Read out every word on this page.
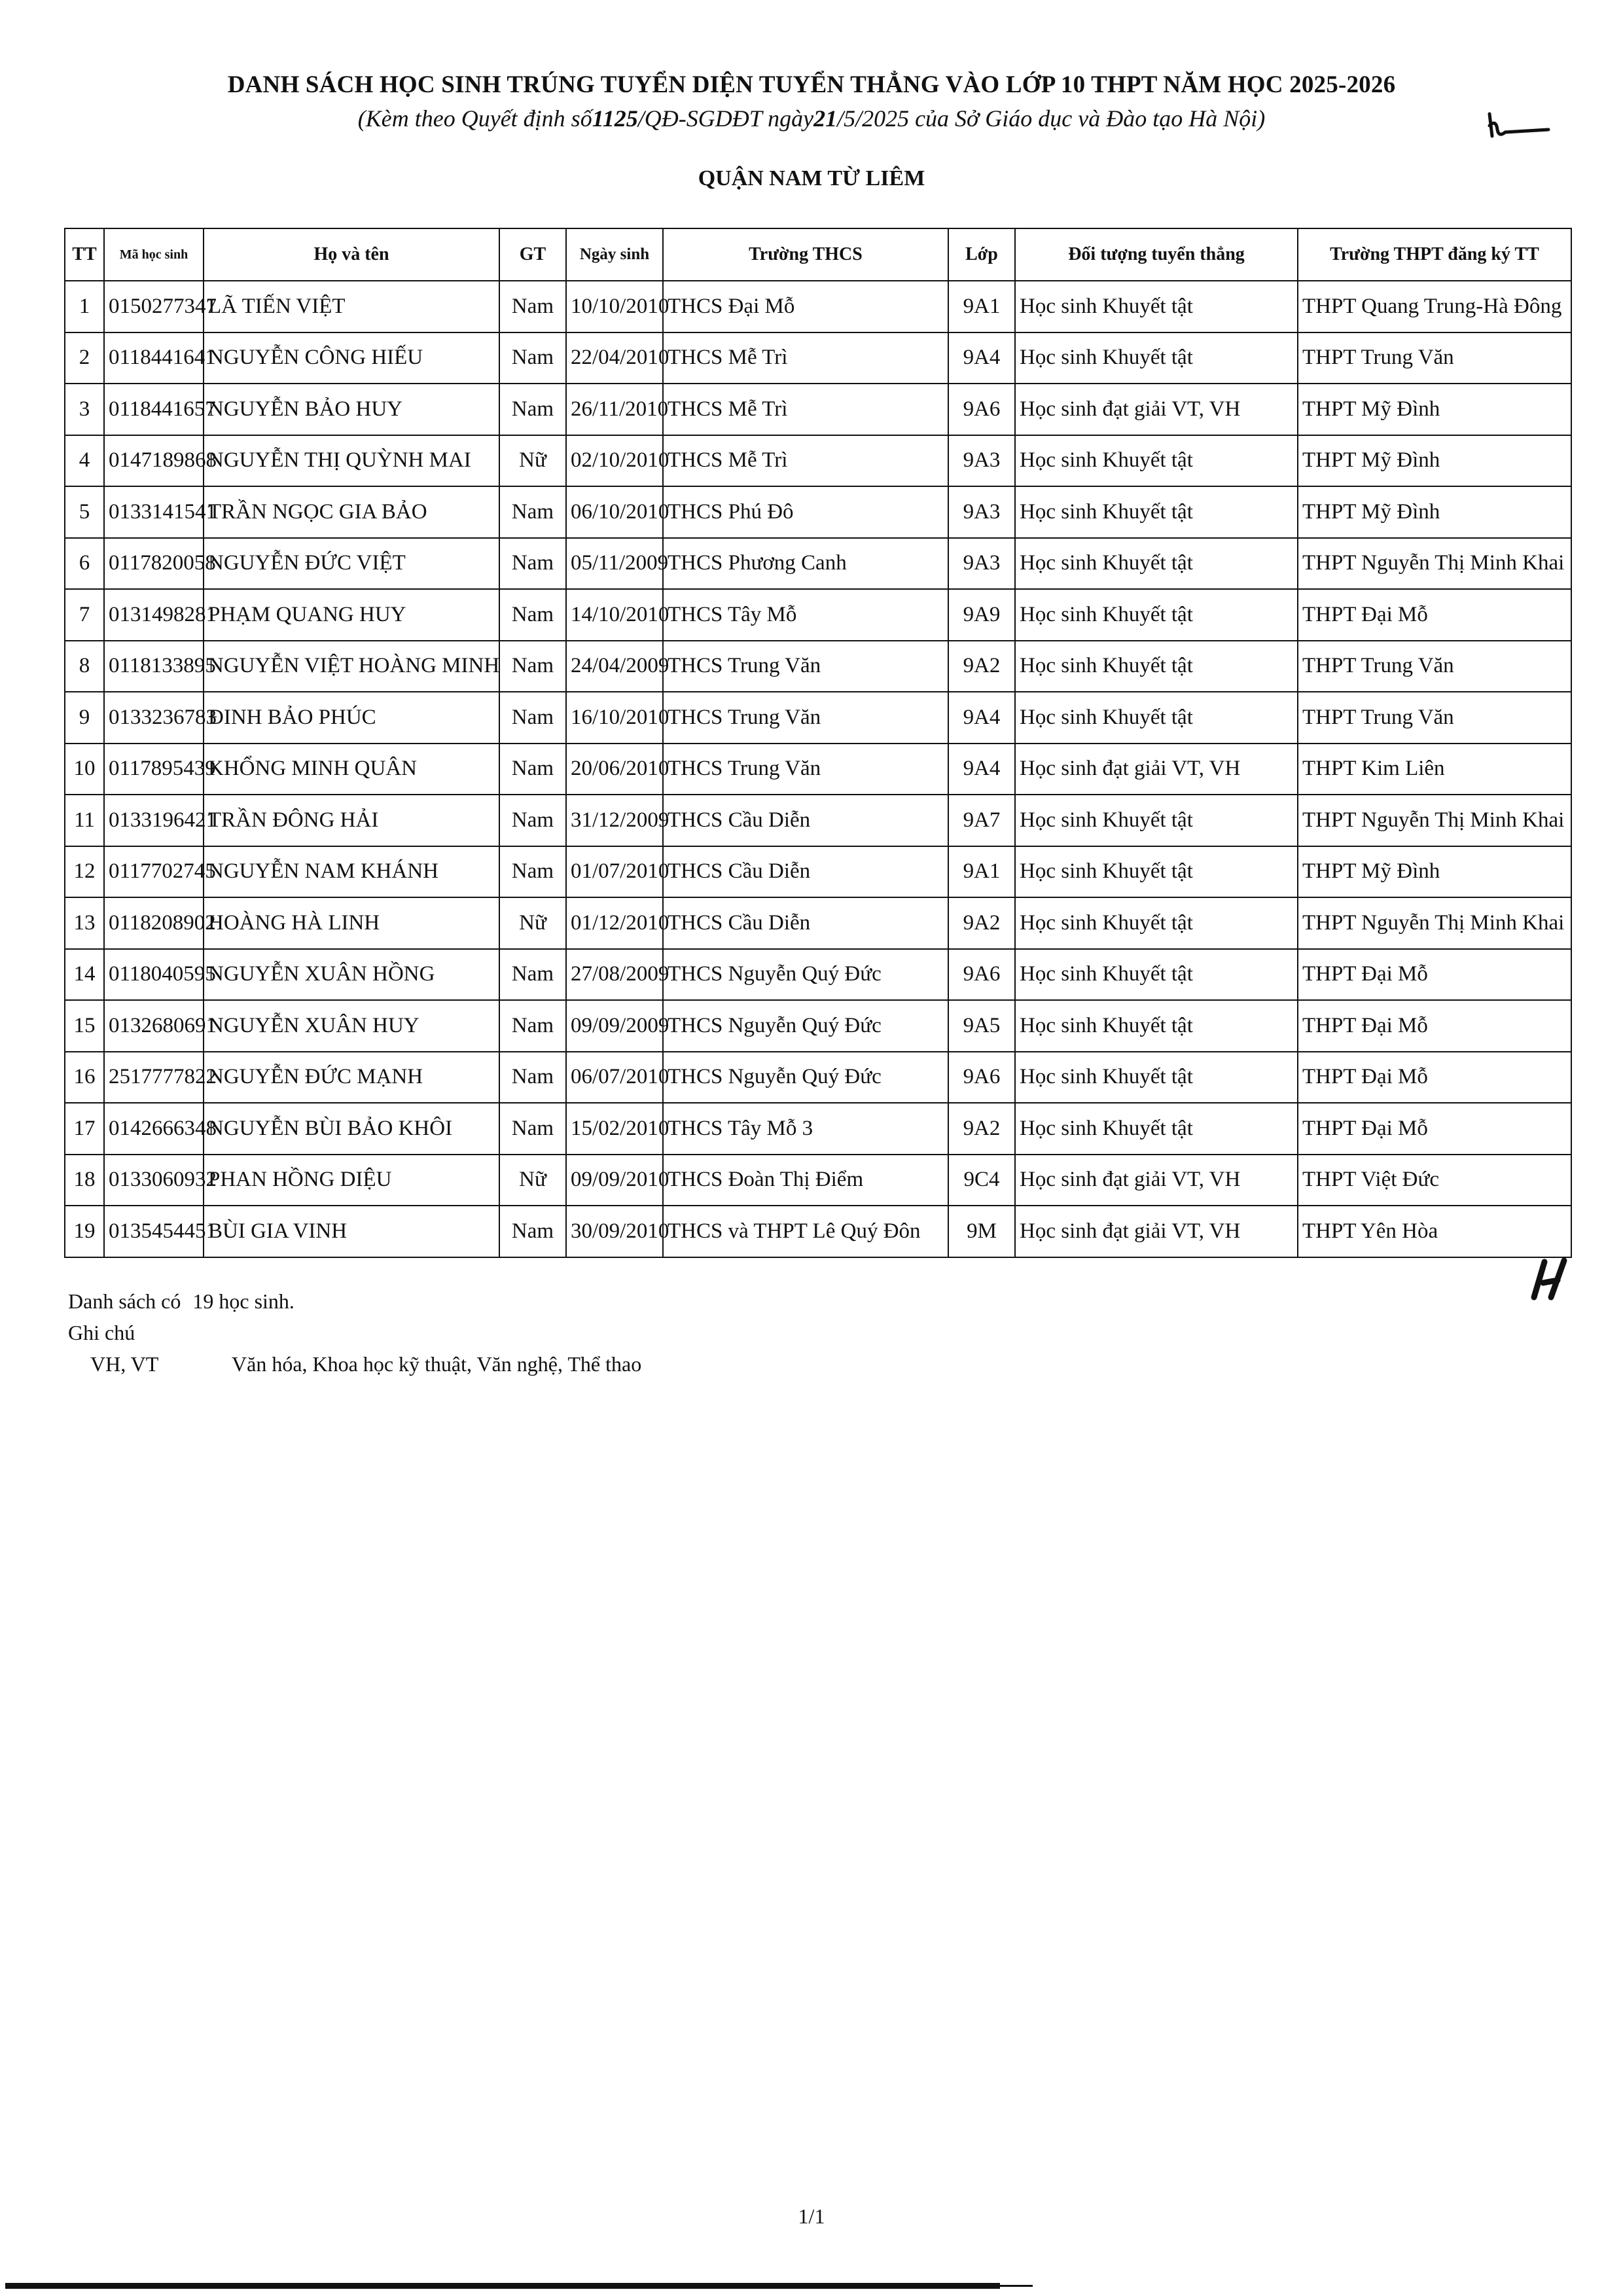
DANH SÁCH HỌC SINH TRÚNG TUYỂN DIỆN TUYỂN THẲNG VÀO LỚP 10 THPT NĂM HỌC 2025-2026
(Kèm theo Quyết định số1125/QĐ-SGDĐT ngày21/5/2025 của Sở Giáo dục và Đào tạo Hà Nội)
QUẬN NAM TỪ LIÊM
TT	Mã học sinh	Họ và tên	GT	Ngày sinh	Trường THCS	Lớp	Đối tượng tuyển thẳng	Trường THPT đăng ký TT
1	0150277347	LÃ TIẾN VIỆT	Nam	10/10/2010	THCS Đại Mỗ	9A1	Học sinh Khuyết tật	THPT Quang Trung-Hà Đông
2	0118441641	NGUYỄN CÔNG HIẾU	Nam	22/04/2010	THCS Mễ Trì	9A4	Học sinh Khuyết tật	THPT Trung Văn
3	0118441657	NGUYỄN BẢO HUY	Nam	26/11/2010	THCS Mễ Trì	9A6	Học sinh đạt giải VT, VH	THPT Mỹ Đình
4	0147189868	NGUYỄN THỊ QUỲNH MAI	Nữ	02/10/2010	THCS Mễ Trì	9A3	Học sinh Khuyết tật	THPT Mỹ Đình
5	0133141541	TRẦN NGỌC GIA BẢO	Nam	06/10/2010	THCS Phú Đô	9A3	Học sinh Khuyết tật	THPT Mỹ Đình
6	0117820058	NGUYỄN ĐỨC VIỆT	Nam	05/11/2009	THCS Phương Canh	9A3	Học sinh Khuyết tật	THPT Nguyễn Thị Minh Khai
7	0131498281	PHẠM QUANG HUY	Nam	14/10/2010	THCS Tây Mỗ	9A9	Học sinh Khuyết tật	THPT Đại Mỗ
8	0118133895	NGUYỄN VIỆT HOÀNG MINH	Nam	24/04/2009	THCS Trung Văn	9A2	Học sinh Khuyết tật	THPT Trung Văn
9	0133236783	ĐINH BẢO PHÚC	Nam	16/10/2010	THCS Trung Văn	9A4	Học sinh Khuyết tật	THPT Trung Văn
10	0117895439	KHỔNG MINH QUÂN	Nam	20/06/2010	THCS Trung Văn	9A4	Học sinh đạt giải VT, VH	THPT Kim Liên
11	0133196421	TRẦN ĐÔNG HẢI	Nam	31/12/2009	THCS Cầu Diễn	9A7	Học sinh Khuyết tật	THPT Nguyễn Thị Minh Khai
12	0117702745	NGUYỄN NAM KHÁNH	Nam	01/07/2010	THCS Cầu Diễn	9A1	Học sinh Khuyết tật	THPT Mỹ Đình
13	0118208902	HOÀNG HÀ LINH	Nữ	01/12/2010	THCS Cầu Diễn	9A2	Học sinh Khuyết tật	THPT Nguyễn Thị Minh Khai
14	0118040595	NGUYỄN XUÂN HỒNG	Nam	27/08/2009	THCS Nguyễn Quý Đức	9A6	Học sinh Khuyết tật	THPT Đại Mỗ
15	0132680691	NGUYỄN XUÂN HUY	Nam	09/09/2009	THCS Nguyễn Quý Đức	9A5	Học sinh Khuyết tật	THPT Đại Mỗ
16	2517777822	NGUYỄN ĐỨC MẠNH	Nam	06/07/2010	THCS Nguyễn Quý Đức	9A6	Học sinh Khuyết tật	THPT Đại Mỗ
17	0142666348	NGUYỄN BÙI BẢO KHÔI	Nam	15/02/2010	THCS Tây Mỗ 3	9A2	Học sinh Khuyết tật	THPT Đại Mỗ
18	0133060932	PHAN HỒNG DIỆU	Nữ	09/09/2010	THCS Đoàn Thị Điểm	9C4	Học sinh đạt giải VT, VH	THPT Việt Đức
19	0135454451	BÙI GIA VINH	Nam	30/09/2010	THCS và THPT Lê Quý Đôn	9M	Học sinh đạt giải VT, VH	THPT Yên Hòa
Danh sách có 19 học sinh.
Ghi chú
VH, VT	Văn hóa, Khoa học kỹ thuật, Văn nghệ, Thể thao
1/1
